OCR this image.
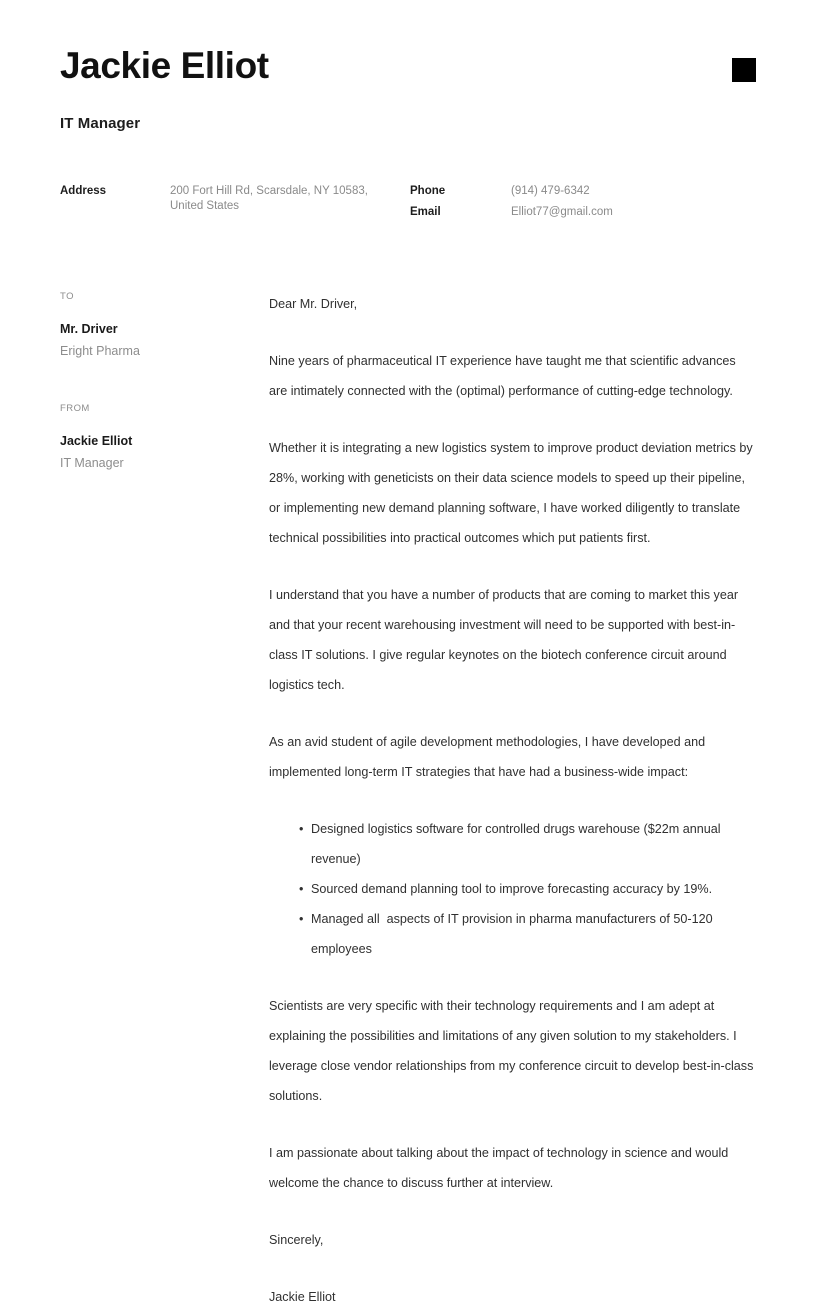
Jackie Elliot
IT Manager
Address	200 Fort Hill Rd, Scarsdale, NY 10583, United States
Phone	(914) 479-6342
Email	Elliot77@gmail.com
TO
Mr. Driver
Eright Pharma
FROM
Jackie Elliot
IT Manager

Dear Mr. Driver,

Nine years of pharmaceutical IT experience have taught me that scientific advances are intimately connected with the (optimal) performance of cutting-edge technology.

Whether it is integrating a new logistics system to improve product deviation metrics by 28%, working with geneticists on their data science models to speed up their pipeline, or implementing new demand planning software, I have worked diligently to translate technical possibilities into practical outcomes which put patients first.

I understand that you have a number of products that are coming to market this year and that your recent warehousing investment will need to be supported with best-in-class IT solutions. I give regular keynotes on the biotech conference circuit around logistics tech.

As an avid student of agile development methodologies, I have developed and implemented long-term IT strategies that have had a business-wide impact:

• Designed logistics software for controlled drugs warehouse ($22m annual revenue)
• Sourced demand planning tool to improve forecasting accuracy by 19%.
• Managed all  aspects of IT provision in pharma manufacturers of 50-120 employees

Scientists are very specific with their technology requirements and I am adept at explaining the possibilities and limitations of any given solution to my stakeholders. I leverage close vendor relationships from my conference circuit to develop best-in-class solutions.

I am passionate about talking about the impact of technology in science and would welcome the chance to discuss further at interview.

Sincerely,

Jackie Elliot
